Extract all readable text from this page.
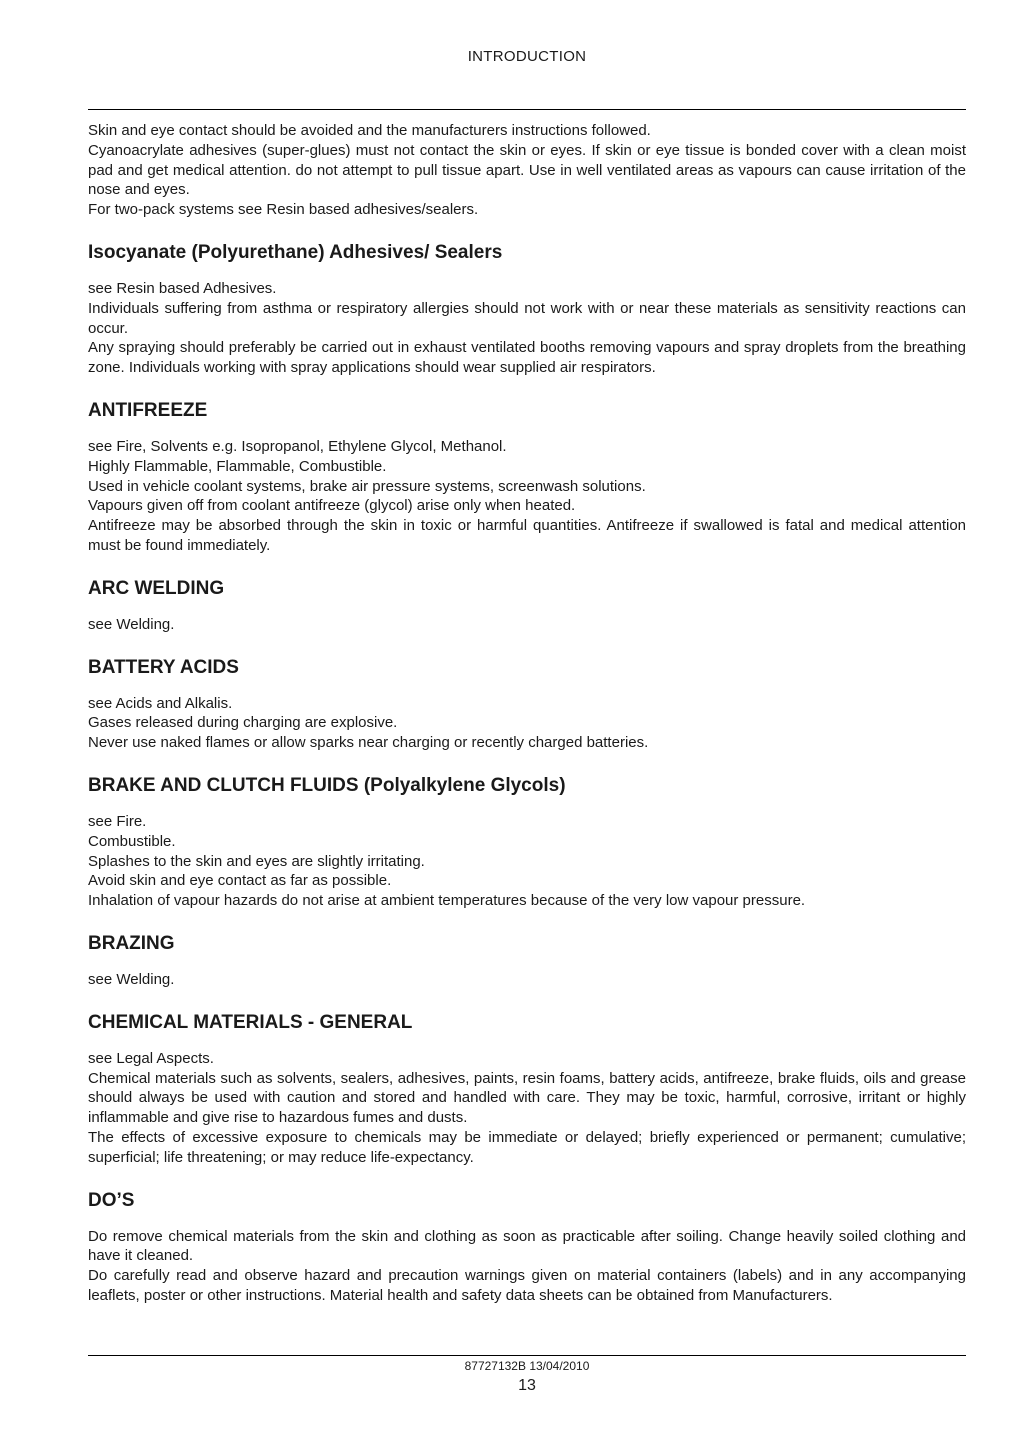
INTRODUCTION

Skin and eye contact should be avoided and the manufacturers instructions followed.

Cyanoacrylate adhesives (super-glues) must not contact the skin or eyes. If skin or eye tissue is bonded cover with a clean moist pad and get medical attention. do not attempt to pull tissue apart. Use in well ventilated areas as vapours can cause irritation of the nose and eyes.

For two-pack systems see Resin based adhesives/sealers.

Isocyanate (Polyurethane) Adhesives/ Sealers

see Resin based Adhesives.

Individuals suffering from asthma or respiratory allergies should not work with or near these materials as sensitivity reactions can occur.

Any spraying should preferably be carried out in exhaust ventilated booths removing vapours and spray droplets from the breathing zone. Individuals working with spray applications should wear supplied air respirators.

ANTIFREEZE

see Fire, Solvents e.g. Isopropanol, Ethylene Glycol, Methanol.

Highly Flammable, Flammable, Combustible.

Used in vehicle coolant systems, brake air pressure systems, screenwash solutions.

Vapours given off from coolant antifreeze (glycol) arise only when heated.

Antifreeze may be absorbed through the skin in toxic or harmful quantities. Antifreeze if swallowed is fatal and medical attention must be found immediately.

ARC WELDING

see Welding.

BATTERY ACIDS

see Acids and Alkalis.

Gases released during charging are explosive.

Never use naked flames or allow sparks near charging or recently charged batteries.

BRAKE AND CLUTCH FLUIDS (Polyalkylene Glycols)

see Fire.

Combustible.

Splashes to the skin and eyes are slightly irritating.

Avoid skin and eye contact as far as possible.

Inhalation of vapour hazards do not arise at ambient temperatures because of the very low vapour pressure.

BRAZING

see Welding.

CHEMICAL MATERIALS - GENERAL

see Legal Aspects.

Chemical materials such as solvents, sealers, adhesives, paints, resin foams, battery acids, antifreeze, brake fluids, oils and grease should always be used with caution and stored and handled with care. They may be toxic, harmful, corrosive, irritant or highly inflammable and give rise to hazardous fumes and dusts.

The effects of excessive exposure to chemicals may be immediate or delayed; briefly experienced or permanent; cumulative; superficial; life threatening; or may reduce life-expectancy.

DO’S

Do remove chemical materials from the skin and clothing as soon as practicable after soiling. Change heavily soiled clothing and have it cleaned.

Do carefully read and observe hazard and precaution warnings given on material containers (labels) and in any accompanying leaflets, poster or other instructions. Material health and safety data sheets can be obtained from Manufacturers.

87727132B 13/04/2010
13
